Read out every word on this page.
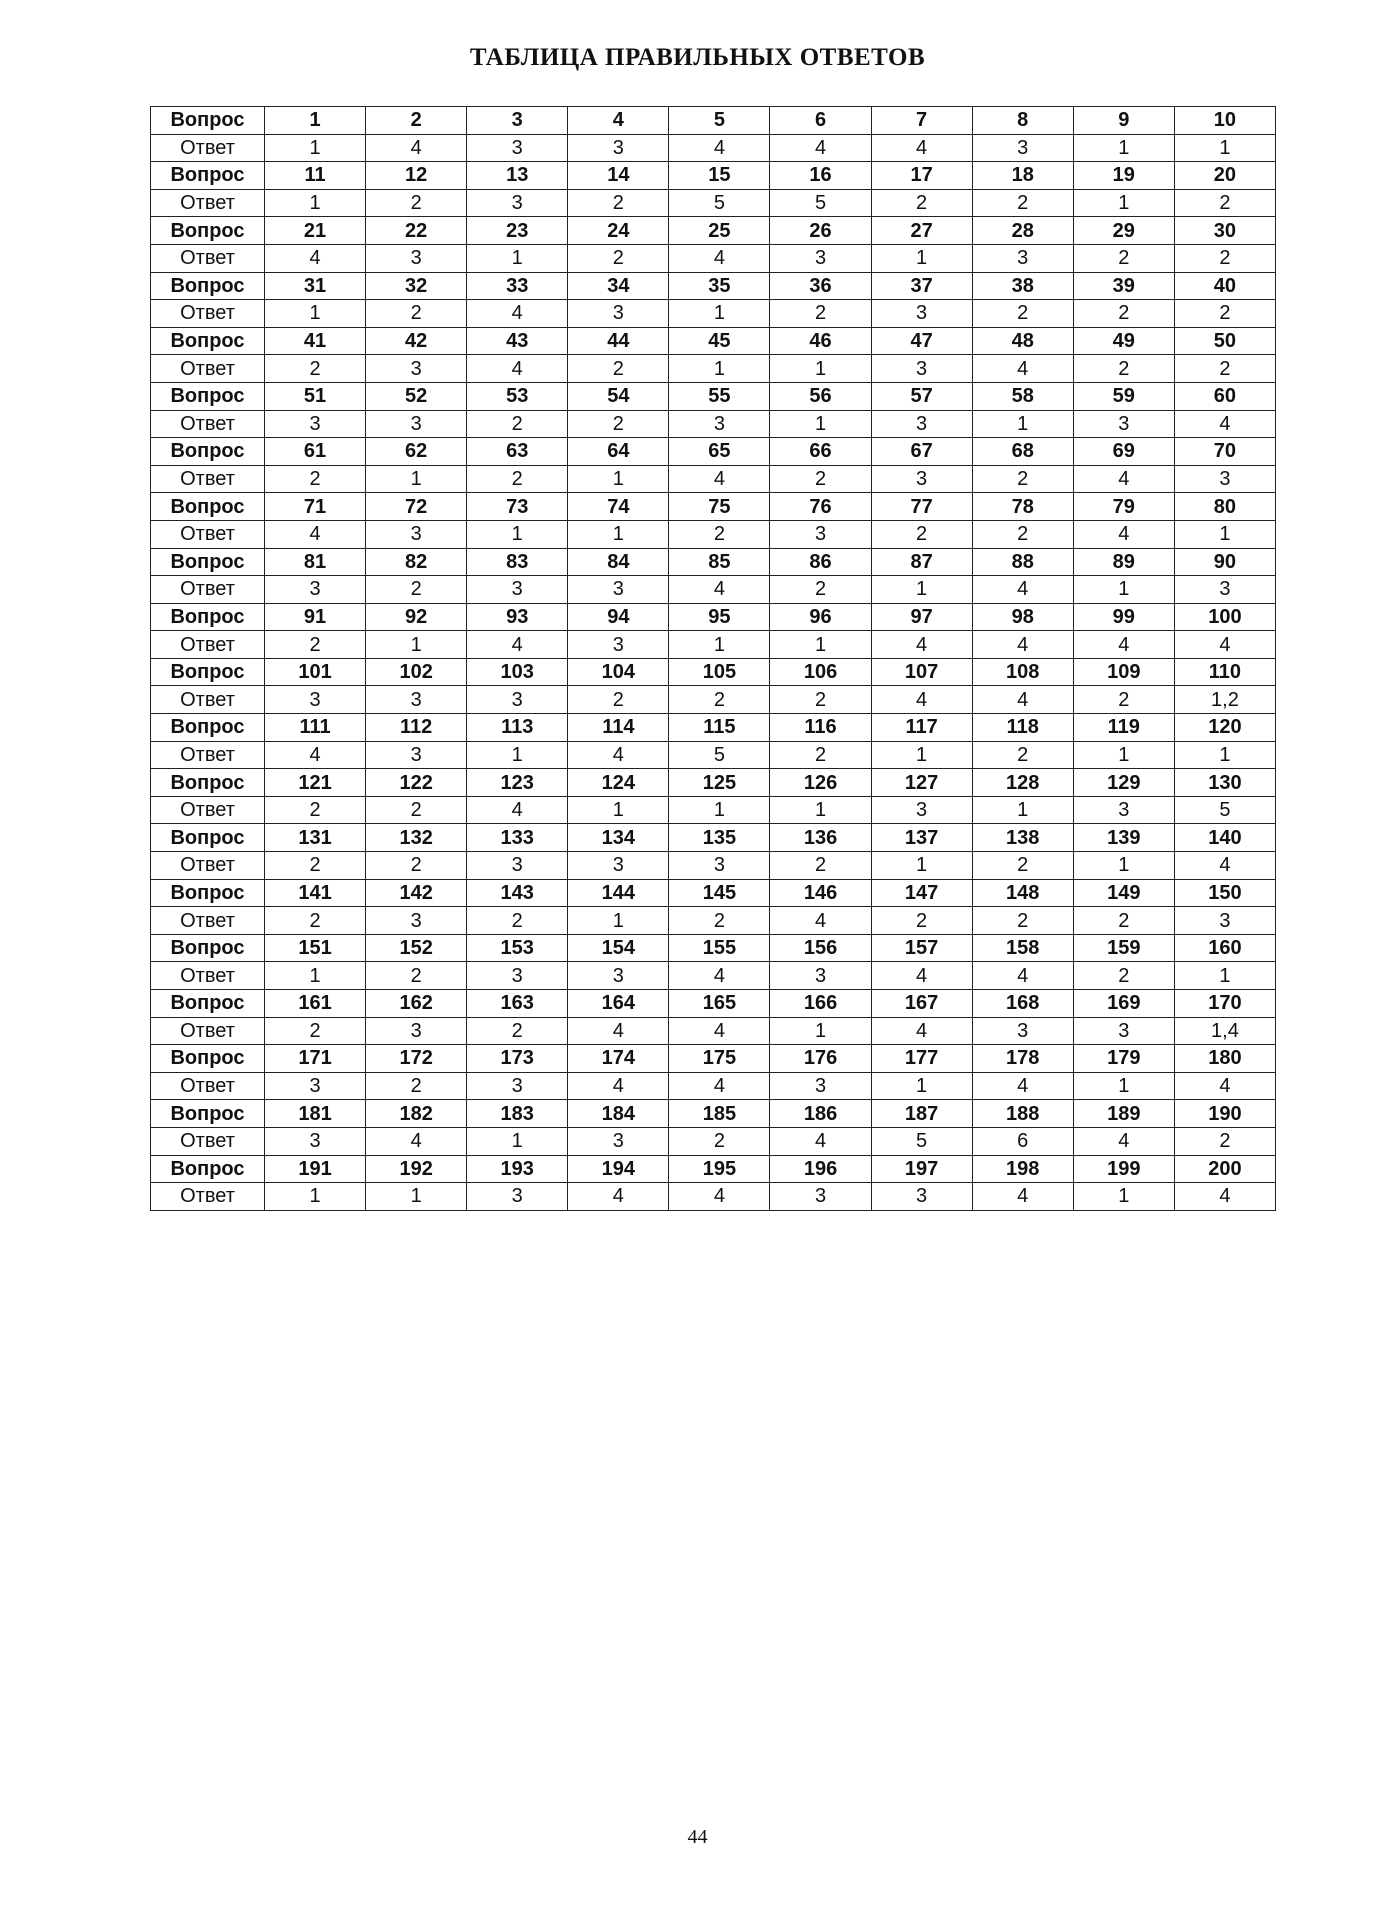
ТАБЛИЦА ПРАВИЛЬНЫХ ОТВЕТОВ
Вопрос	1	2	3	4	5	6	7	8	9	10
Ответ	1	4	3	3	4	4	4	3	1	1
Вопрос	11	12	13	14	15	16	17	18	19	20
Ответ	1	2	3	2	5	5	2	2	1	2
Вопрос	21	22	23	24	25	26	27	28	29	30
Ответ	4	3	1	2	4	3	1	3	2	2
Вопрос	31	32	33	34	35	36	37	38	39	40
Ответ	1	2	4	3	1	2	3	2	2	2
Вопрос	41	42	43	44	45	46	47	48	49	50
Ответ	2	3	4	2	1	1	3	4	2	2
Вопрос	51	52	53	54	55	56	57	58	59	60
Ответ	3	3	2	2	3	1	3	1	3	4
Вопрос	61	62	63	64	65	66	67	68	69	70
Ответ	2	1	2	1	4	2	3	2	4	3
Вопрос	71	72	73	74	75	76	77	78	79	80
Ответ	4	3	1	1	2	3	2	2	4	1
Вопрос	81	82	83	84	85	86	87	88	89	90
Ответ	3	2	3	3	4	2	1	4	1	3
Вопрос	91	92	93	94	95	96	97	98	99	100
Ответ	2	1	4	3	1	1	4	4	4	4
Вопрос	101	102	103	104	105	106	107	108	109	110
Ответ	3	3	3	2	2	2	4	4	2	1,2
Вопрос	111	112	113	114	115	116	117	118	119	120
Ответ	4	3	1	4	5	2	1	2	1	1
Вопрос	121	122	123	124	125	126	127	128	129	130
Ответ	2	2	4	1	1	1	3	1	3	5
Вопрос	131	132	133	134	135	136	137	138	139	140
Ответ	2	2	3	3	3	2	1	2	1	4
Вопрос	141	142	143	144	145	146	147	148	149	150
Ответ	2	3	2	1	2	4	2	2	2	3
Вопрос	151	152	153	154	155	156	157	158	159	160
Ответ	1	2	3	3	4	3	4	4	2	1
Вопрос	161	162	163	164	165	166	167	168	169	170
Ответ	2	3	2	4	4	1	4	3	3	1,4
Вопрос	171	172	173	174	175	176	177	178	179	180
Ответ	3	2	3	4	4	3	1	4	1	4
Вопрос	181	182	183	184	185	186	187	188	189	190
Ответ	3	4	1	3	2	4	5	6	4	2
Вопрос	191	192	193	194	195	196	197	198	199	200
Ответ	1	1	3	4	4	3	3	4	1	4
44
